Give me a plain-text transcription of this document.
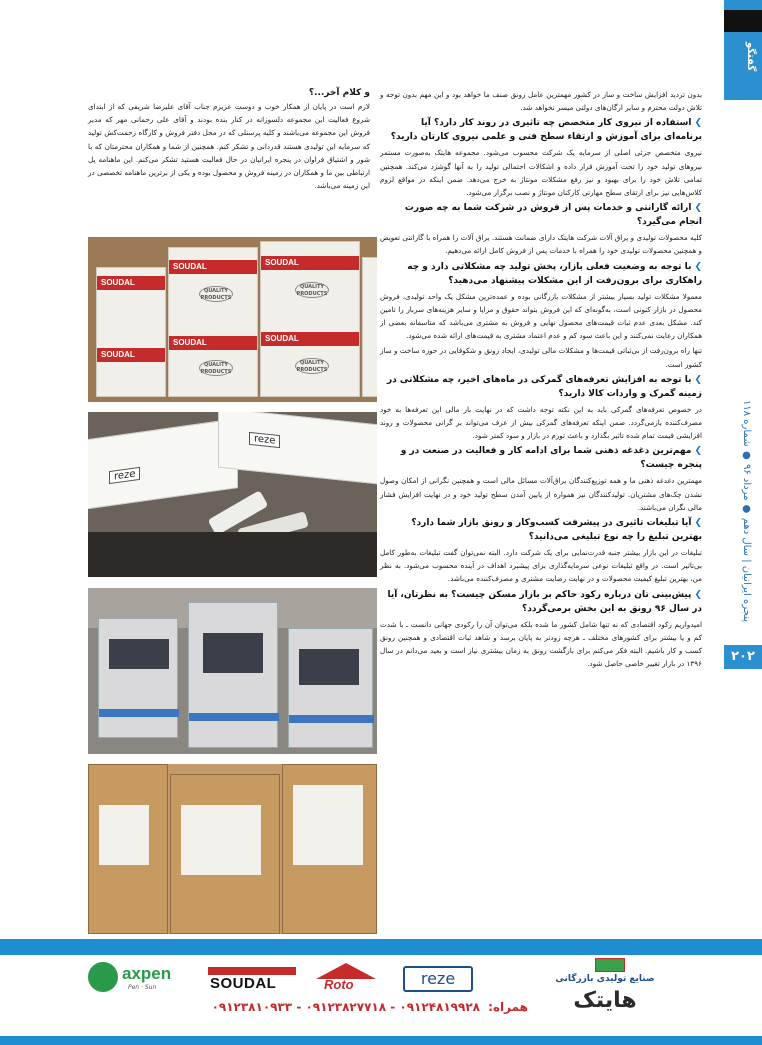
گفتگو
پنجره ایرانیان | سال دهم ● مرداد ۹۶ ● شماره ۱۱۸
۲۰۲
بدون تردید افزایش ساخت و ساز در کشور مهمترین عامل رونق صنف ما خواهد بود و این مهم بدون توجه و تلاش دولت محترم و سایر ارگان‌های دولتی میسر نخواهد شد.
❯استفاده از نیروی کار متخصص چه تاثیری در روند کار دارد؟ آیا برنامه‌ای برای آموزش و ارتقاء سطح فنی و علمی نیروی کارتان دارید؟
نیروی متخصص جزئی اصلی از سرمایه یک شرکت محسوب می‌شود. مجموعه هایتک به‌صورت مستمر نیروهای تولید خود را تحت آموزش قرار داده و اشکالات احتمالی تولید را به آنها گوشزد می‌کند. همچنین تمامی تلاش خود را برای بهبود و نیز رفع مشکلات مونتاژ به خرج می‌دهد. ضمن اینکه در مواقع لزوم کلاس‌هایی نیز برای ارتقای سطح مهارتی کارکنان مونتاژ و نصب برگزار می‌شود.
❯ارائه گارانتی و خدمات پس از فروش در شرکت شما به چه صورت انجام می‌گیرد؟
کلیه محصولات تولیدی و یراق آلات شرکت هایتک دارای ضمانت هستند. یراق آلات را همراه با گارانتی تعویض و همچنین محصولات تولیدی خود را همراه با خدمات پس از فروش کامل ارائه می‌دهیم.
❯با توجه به وضعیت فعلی بازار، پخش تولید چه مشکلاتی دارد و چه راهکاری برای برون‌رفت از این مشکلات پیشنهاد می‌دهید؟
معمولا مشکلات تولید بسیار بیشتر از مشکلات بازرگانی بوده و عمده‌ترین مشکل یک واحد تولیدی، فروش محصول در بازار کنونی است، به‌گونه‌ای که این فروش بتواند حقوق و مزایا و سایر هزینه‌های سربار را تامین کند. مشکل بعدی عدم ثبات قیمت‌های محصول نهایی و فروش به مشتری می‌باشد که متاسفانه بعضی از همکاران رعایت نمی‌کنند و این باعث سود کم و عدم اعتماد مشتری به قیمت‌های ارائه شده می‌شود.
تنها راه برون‌رفت از بی‌ثباتی قیمت‌ها و مشکلات مالی تولیدی، ایجاد رونق و شکوفایی در حوزه ساخت و ساز کشور است.
❯با توجه به افزایش تعرفه‌های گمرکی در ماه‌های اخیر، چه مشکلاتی در زمینه گمرک و واردات کالا دارید؟
در خصوص تعرفه‌های گمرکی باید به این نکته توجه داشت که در نهایت بار مالی این تعرفه‌ها به خود مصرف‌کننده بازمی‌گردد. ضمن اینکه تعرفه‌های گمرکی بیش از عرف می‌تواند بر گرانی محصولات و روند افزایشی قیمت تمام شده تاثیر بگذارد و باعث تورم در بازار و سود کمتر شود.
❯مهم‌ترین دغدغه ذهنی شما برای ادامه کار و فعالیت در صنعت در و پنجره چیست؟
مهمترین دغدغه ذهنی ما و همه توزیع‌کنندگان یراق‌آلات مسائل مالی است و همچنین نگرانی از امکان وصول نشدن چک‌های مشتریان. تولیدکنندگان نیز همواره از پایین آمدن سطح تولید خود و در نهایت افزایش فشار مالی نگران می‌باشند.
❯آیا تبلیغات تاثیری در پیشرفت کسب‌وکار و رونق بازار شما دارد؟ بهترین تبلیغ را چه نوع تبلیغی می‌دانید؟
تبلیغات در این بازار بیشتر جنبه قدرت‌نمایی برای یک شرکت دارد. البته نمی‌توان گفت تبلیغات به‌طور کامل بی‌تاثیر است. در واقع تبلیغات نوعی سرمایه‌گذاری برای پیشبرد اهداف در آینده محسوب می‌شود. به نظر من، بهترین تبلیغ کیفیت محصولات و در نهایت رضایت مشتری و مصرف‌کننده می‌باشد.
❯پیش‌بینی تان درباره رکود حاکم بر بازار مسکن چیست؟ به نظرتان، آیا در سال ۹۶ رونق به این بخش برمی‌گردد؟
امیدواریم رکود اقتصادی که نه تنها شامل کشور ما شده بلکه می‌توان آن را رکودی جهانی دانست ـ با شدت کم و یا بیشتر برای کشورهای مختلف ـ هرچه زودتر به پایان برسد و شاهد ثبات اقتصادی و همچنین رونق کسب و کار باشیم. البته فکر می‌کنم برای بازگشت رونق به زمان بیشتری نیاز است و بعید می‌دانم در سال ۱۳۹۶ در بازار تغییر خاصی حاصل شود.
و کلام آخر...؟
لازم است در پایان از همکار خوب و دوست عزیزم جناب آقای علیرضا شریفی که از ابتدای شروع فعالیت این مجموعه دلسوزانه در کنار بنده بودند و آقای علی رحمانی مهر که مدیر فروش این مجموعه می‌باشند و کلیه پرسنلی که در محل دفتر فروش و کارگاه زحمت‌کش تولید که سرمایه این تولیدی هستند قدردانی و تشکر کنم. همچنین از شما و همکاران محترمتان که با شور و اشتیاق فراوان در پنجره ایرانیان در حال فعالیت هستید تشکر می‌کنم. این ماهنامه پل ارتباطی بین ما و همکاران در زمینه فروش و محصول بوده و یکی از برترین ماهنامه تخصصی در این زمینه می‌باشد.
SOUDAL
SOUDAL
SOUDAL
QUALITY PRODUCTS
SOUDAL
QUALITY PRODUCTS
SOUDAL
QUALITY PRODUCTS
SOUDAL
QUALITY PRODUCTS
reze
reze
axpen
Pen · Sun	SOUDAL	Roto	reze	صنایع تولیدی بازرگانی
هایتک
همراه: ۰۹۱۲۴۸۱۹۹۲۸ - ۰۹۱۲۳۸۲۷۷۱۸ - ۰۹۱۲۳۸۱۰۹۳۳
